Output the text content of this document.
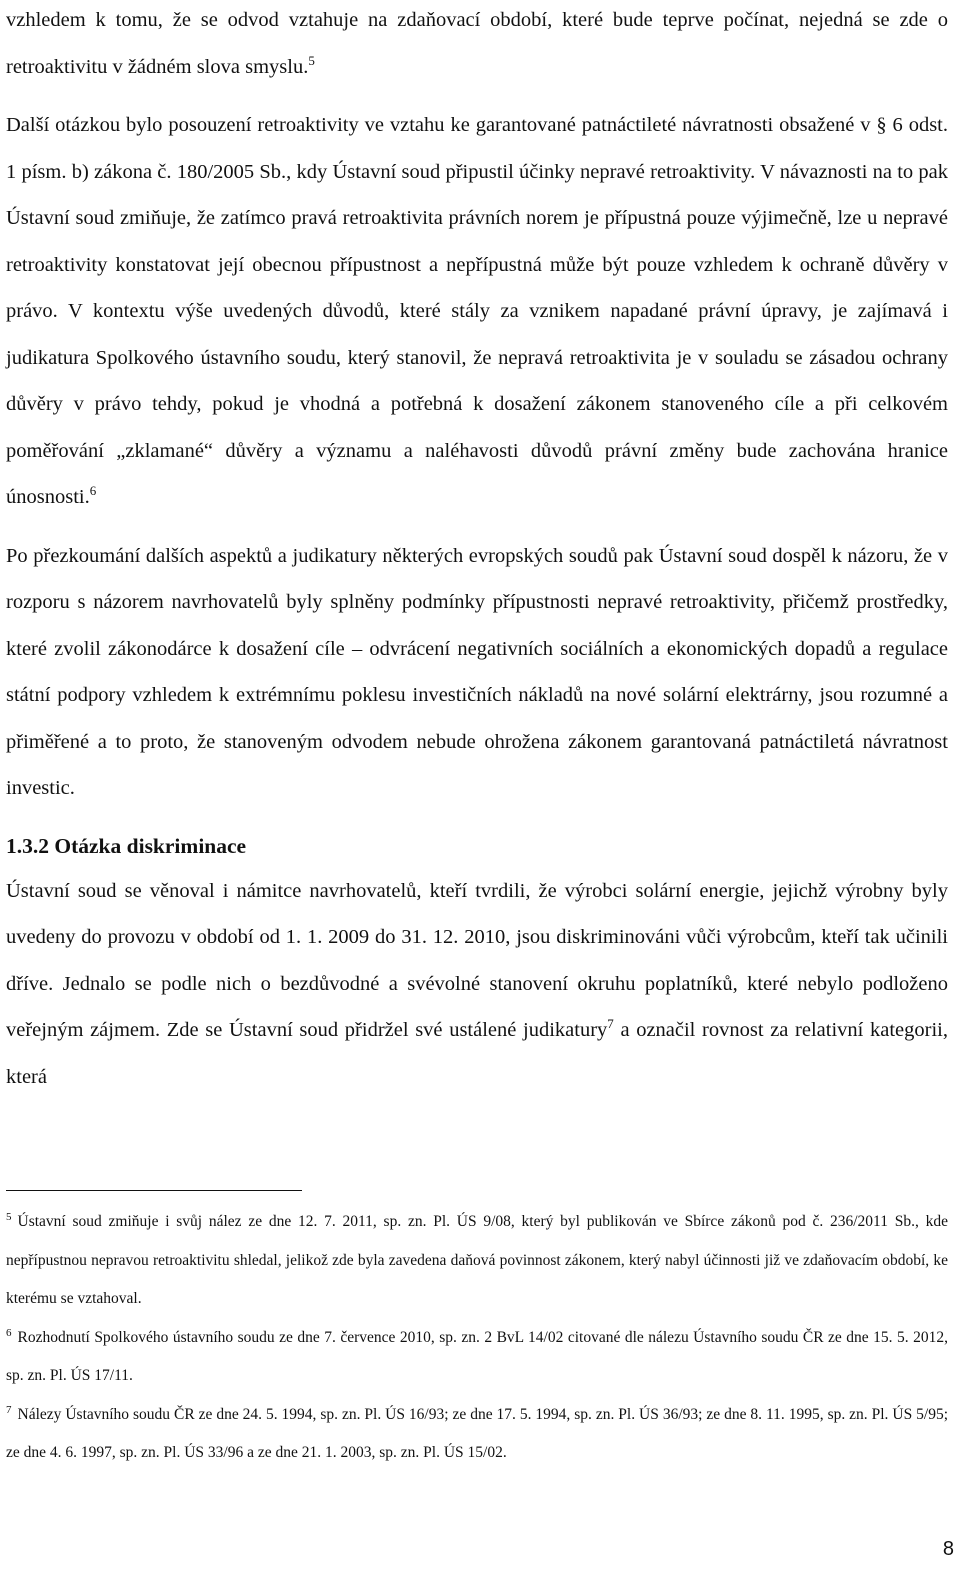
vzhledem k tomu, že se odvod vztahuje na zdaňovací období, které bude teprve počínat, nejedná se zde o retroaktivitu v žádném slova smyslu.$^5$

Další otázkou bylo posouzení retroaktivity ve vztahu ke garantované patnáctileté návratnosti obsažené v § 6 odst. 1 písm. b) zákona č. 180/2005 Sb., kdy Ústavní soud připustil účinky nepravé retroaktivity. V návaznosti na to pak Ústavní soud zmiňuje, že zatímco pravá retroaktivita právních norem je přípustná pouze výjimečně, lze u nepravé retroaktivity konstatovat její obecnou přípustnost a nepřípustná může být pouze vzhledem k ochraně důvěry v právo. V kontextu výše uvedených důvodů, které stály za vznikem napadané právní úpravy, je zajímavá i judikatura Spolkového ústavního soudu, který stanovil, že nepravá retroaktivita je v souladu se zásadou ochrany důvěry v právo tehdy, pokud je vhodná a potřebná k dosažení zákonem stanoveného cíle a při celkovém poměřování „zklamané“ důvěry a významu a naléhavosti důvodů právní změny bude zachována hranice únosnosti.$^6$

Po přezkoumání dalších aspektů a judikatury některých evropských soudů pak Ústavní soud dospěl k názoru, že v rozporu s názorem navrhovatelů byly splněny podmínky přípustnosti nepravé retroaktivity, přičemž prostředky, které zvolil zákonodárce k dosažení cíle – odvrácení negativních sociálních a ekonomických dopadů a regulace státní podpory vzhledem k extrémnímu poklesu investičních nákladů na nové solární elektrárny, jsou rozumné a přiměřené a to proto, že stanoveným odvodem nebude ohrožena zákonem garantovaná patnáctiletá návratnost investic.

1.3.2 Otázka diskriminace

Ústavní soud se věnoval i námitce navrhovatelů, kteří tvrdili, že výrobci solární energie, jejichž výrobny byly uvedeny do provozu v období od 1. 1. 2009 do 31. 12. 2010, jsou diskriminováni vůči výrobcům, kteří tak učinili dříve. Jednalo se podle nich o bezdůvodné a svévolné stanovení okruhu poplatníků, které nebylo podloženo veřejným zájmem. Zde se Ústavní soud přidržel své ustálené judikatury$^7$ a označil rovnost za relativní kategorii, která

$^5$ Ústavní soud zmiňuje i svůj nález ze dne 12. 7. 2011, sp. zn. Pl. ÚS 9/08, který byl publikován ve Sbírce zákonů pod č. 236/2011 Sb., kde nepřípustnou nepravou retroaktivitu shledal, jelikož zde byla zavedena daňová povinnost zákonem, který nabyl účinnosti již ve zdaňovacím období, ke kterému se vztahoval.

$^6$ Rozhodnutí Spolkového ústavního soudu ze dne 7. července 2010, sp. zn. 2 BvL 14/02 citované dle nálezu Ústavního soudu ČR ze dne 15. 5. 2012, sp. zn. Pl. ÚS 17/11.

$^7$ Nálezy Ústavního soudu ČR ze dne 24. 5. 1994, sp. zn. Pl. ÚS 16/93; ze dne 17. 5. 1994, sp. zn. Pl. ÚS 36/93; ze dne 8. 11. 1995, sp. zn. Pl. ÚS 5/95; ze dne 4. 6. 1997, sp. zn. Pl. ÚS 33/96 a ze dne 21. 1. 2003, sp. zn. Pl. ÚS 15/02.

8
